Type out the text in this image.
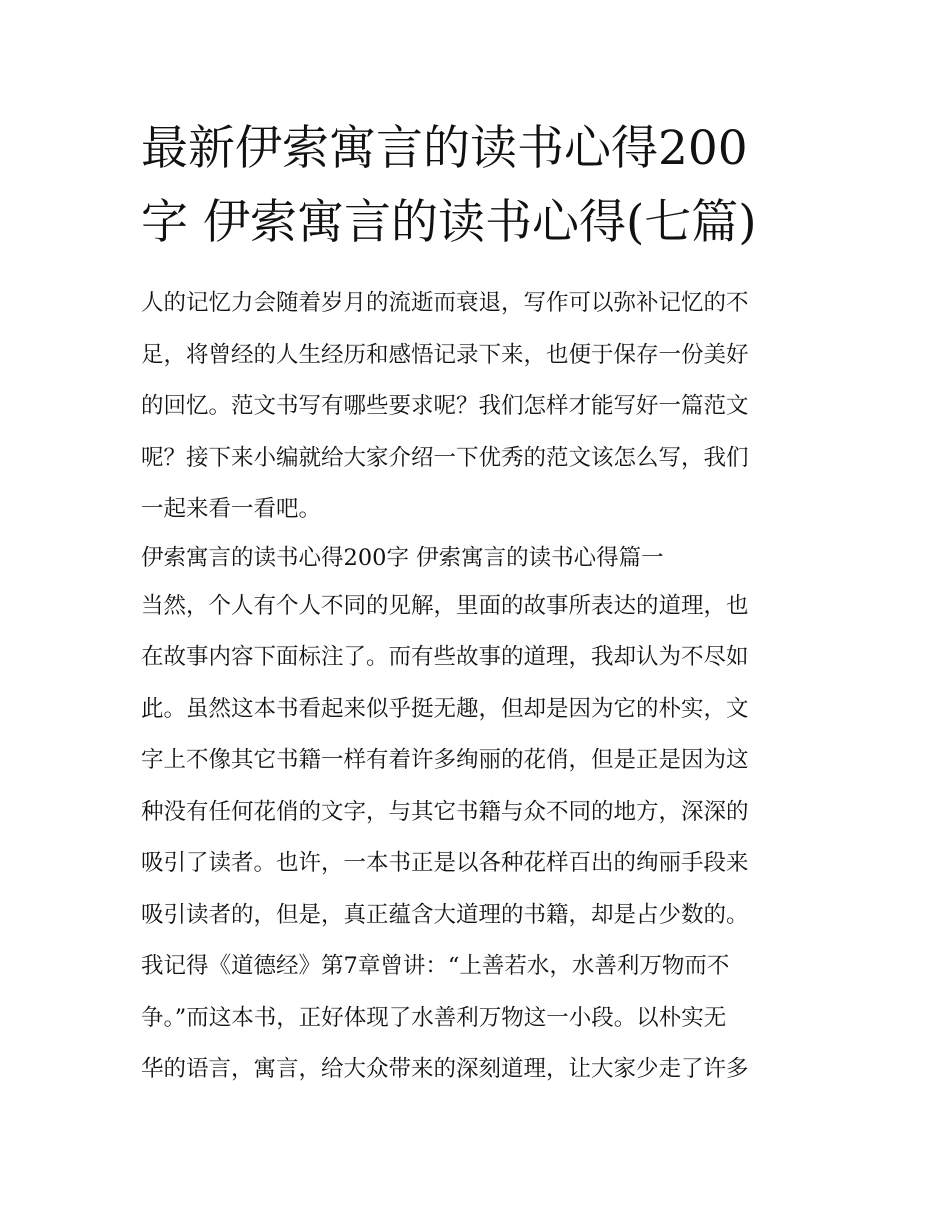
最新伊索寓言的读书心得200
字 伊索寓言的读书心得(七篇)
人的记忆力会随着岁月的流逝而衰退，写作可以弥补记忆的不
足，将曾经的人生经历和感悟记录下来，也便于保存一份美好
的回忆。范文书写有哪些要求呢？我们怎样才能写好一篇范文
呢？接下来小编就给大家介绍一下优秀的范文该怎么写，我们
一起来看一看吧。
伊索寓言的读书心得200字 伊索寓言的读书心得篇一
当然，个人有个人不同的见解，里面的故事所表达的道理，也
在故事内容下面标注了。而有些故事的道理，我却认为不尽如
此。虽然这本书看起来似乎挺无趣，但却是因为它的朴实，文
字上不像其它书籍一样有着许多绚丽的花俏，但是正是因为这
种没有任何花俏的文字，与其它书籍与众不同的地方，深深的
吸引了读者。也许，一本书正是以各种花样百出的绚丽手段来
吸引读者的，但是，真正蕴含大道理的书籍，却是占少数的。
我记得《道德经》第7章曾讲：“上善若水，水善利万物而不
争。”而这本书，正好体现了水善利万物这一小段。以朴实无
华的语言，寓言，给大众带来的深刻道理，让大家少走了许多
